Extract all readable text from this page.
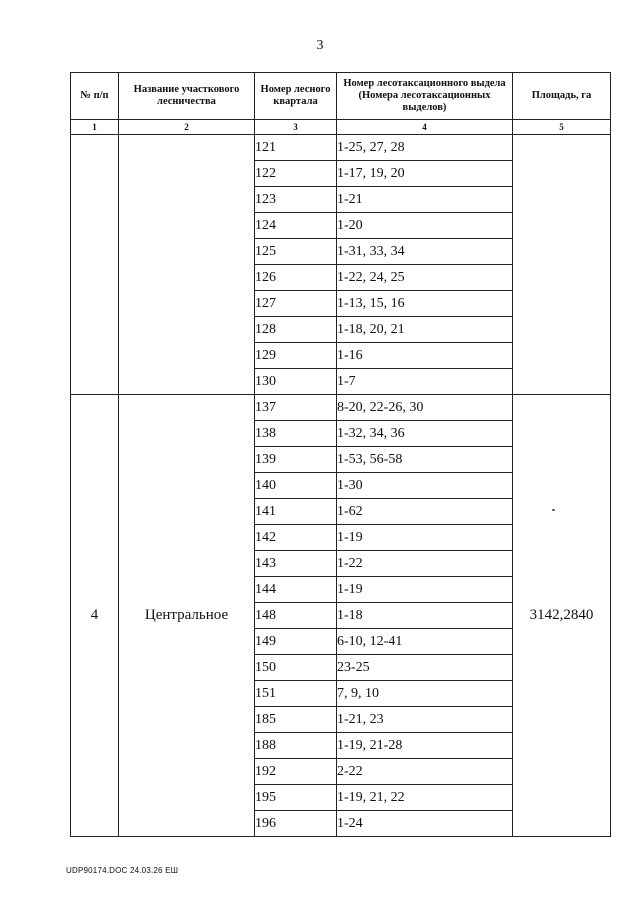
3
№ п/п	Название участкового лесничества	Номер лесного квартала	Номер лесотаксационного выдела (Номера лесотаксационных выделов)	Площадь, га
1	2	3	4	5
		121	1-25, 27, 28	
		122	1-17, 19, 20	
		123	1-21	
		124	1-20	
		125	1-31, 33, 34	
		126	1-22, 24, 25	
		127	1-13, 15, 16	
		128	1-18, 20, 21	
		129	1-16	
		130	1-7	
4	Центральное	137	8-20, 22-26, 30	3142,2840
		138	1-32, 34, 36	
		139	1-53, 56-58	
		140	1-30	
		141	1-62	
		142	1-19	
		143	1-22	
		144	1-19	
		148	1-18	
		149	6-10, 12-41	
		150	23-25	
		151	7, 9, 10	
		185	1-21, 23	
		188	1-19, 21-28	
		192	2-22	
		195	1-19, 21, 22	
		196	1-24	
UDP90174.DOC 24.03.26 ЕШ
